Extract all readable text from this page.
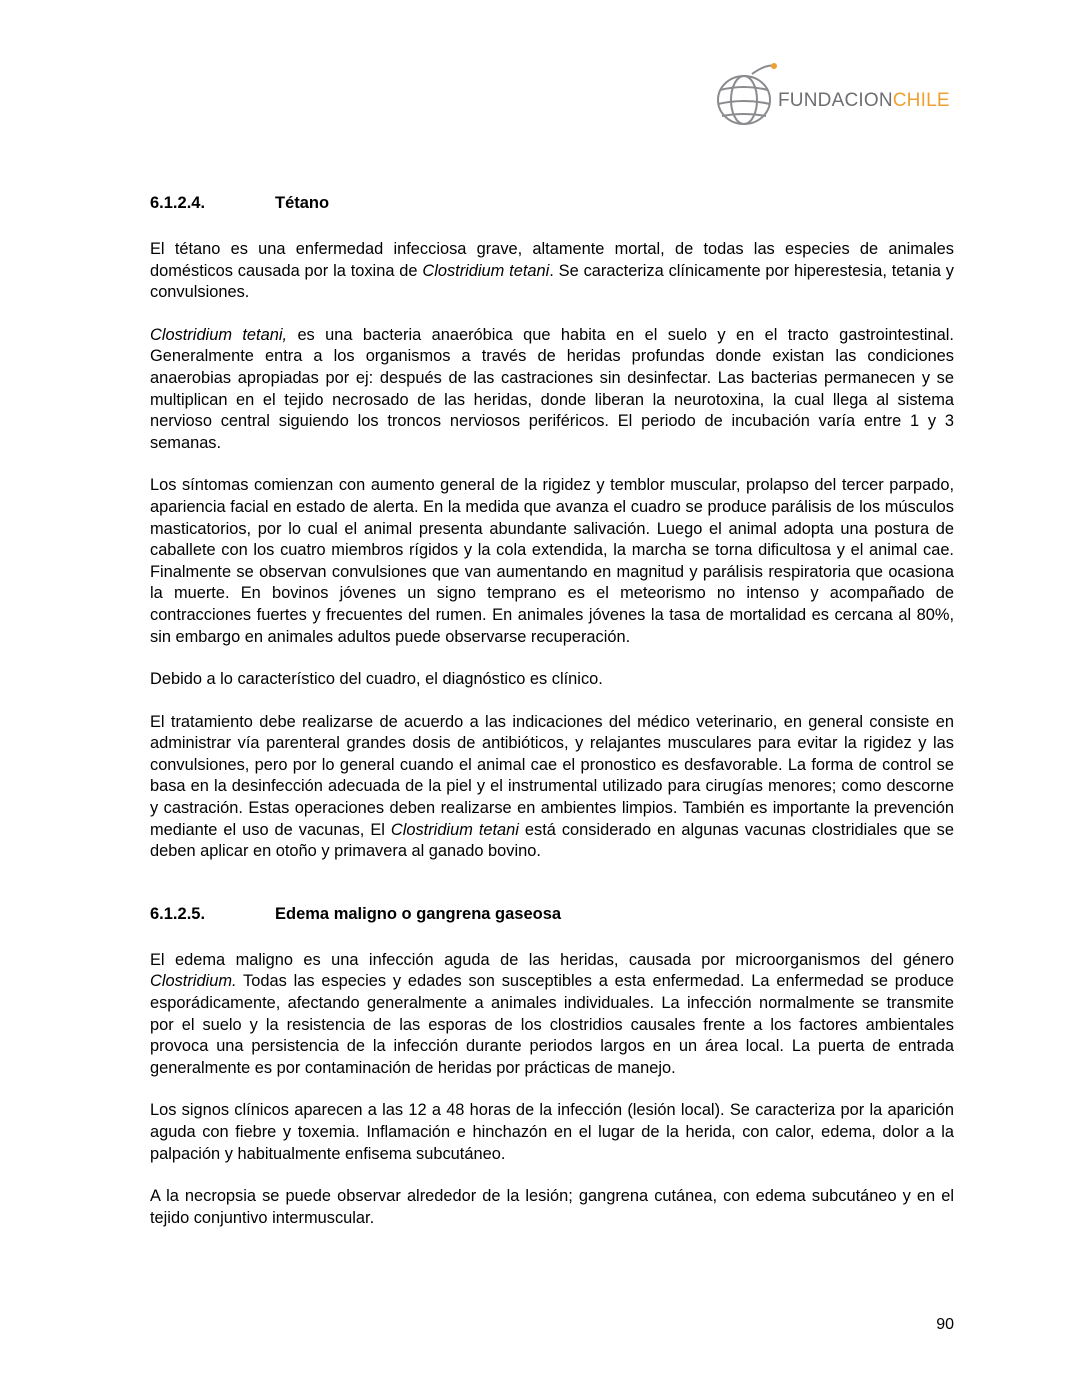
FUNDACIONCHILE
6.1.2.4.	Tétano

El tétano es una enfermedad infecciosa grave, altamente mortal, de todas las especies de animales domésticos causada por la toxina de Clostridium tetani. Se caracteriza clínicamente por hiperestesia, tetania y convulsiones.

Clostridium tetani, es una bacteria anaeróbica que habita en el suelo y en el tracto gastrointestinal. Generalmente entra a los organismos a través de heridas profundas donde existan las condiciones anaerobias apropiadas por ej: después de las castraciones sin desinfectar. Las bacterias permanecen y se multiplican en el tejido necrosado de las heridas, donde liberan la neurotoxina, la cual llega al sistema nervioso central siguiendo los troncos nerviosos periféricos. El periodo de incubación varía entre 1 y 3 semanas.

Los síntomas comienzan con aumento general de la rigidez y temblor muscular, prolapso del tercer parpado, apariencia facial en estado de alerta. En la medida que avanza el cuadro se produce parálisis de los músculos masticatorios, por lo cual el animal presenta abundante salivación. Luego el animal adopta una postura de caballete con los cuatro miembros rígidos y la cola extendida, la marcha se torna dificultosa y el animal cae. Finalmente se observan convulsiones que van aumentando en magnitud y parálisis respiratoria que ocasiona la muerte. En bovinos jóvenes un signo temprano es el meteorismo no intenso y acompañado de contracciones fuertes y frecuentes del rumen. En animales jóvenes la tasa de mortalidad es cercana al 80%, sin embargo en animales adultos puede observarse recuperación.

Debido a lo característico del cuadro, el diagnóstico es clínico.

El tratamiento debe realizarse de acuerdo a las indicaciones del médico veterinario, en general consiste en administrar vía parenteral grandes dosis de antibióticos, y relajantes musculares para evitar la rigidez y las convulsiones, pero por lo general cuando el animal cae el pronostico es desfavorable. La forma de control se basa en la desinfección adecuada de la piel y el instrumental utilizado para cirugías menores; como descorne y castración. Estas operaciones deben realizarse en ambientes limpios. También es importante la prevención mediante el uso de vacunas, El Clostridium tetani está considerado en algunas vacunas clostridiales que se deben aplicar en otoño y primavera al ganado bovino.

6.1.2.5.	Edema maligno o gangrena gaseosa

El edema maligno es una infección aguda de las heridas, causada por microorganismos del género Clostridium. Todas las especies y edades son susceptibles a esta enfermedad. La enfermedad se produce esporádicamente, afectando generalmente a animales individuales. La infección normalmente se transmite por el suelo y la resistencia de las esporas de los clostridios causales frente a los factores ambientales provoca una persistencia de la infección durante periodos largos en un área local. La puerta de entrada generalmente es por contaminación de heridas por prácticas de manejo.

Los signos clínicos aparecen a las 12 a 48 horas de la infección (lesión local). Se caracteriza por la aparición aguda con fiebre y toxemia. Inflamación e hinchazón en el lugar de la herida, con calor, edema, dolor a la palpación y habitualmente enfisema subcutáneo.

A la necropsia se puede observar alrededor de la lesión; gangrena cutánea, con edema subcutáneo y en el tejido conjuntivo intermuscular.

90
